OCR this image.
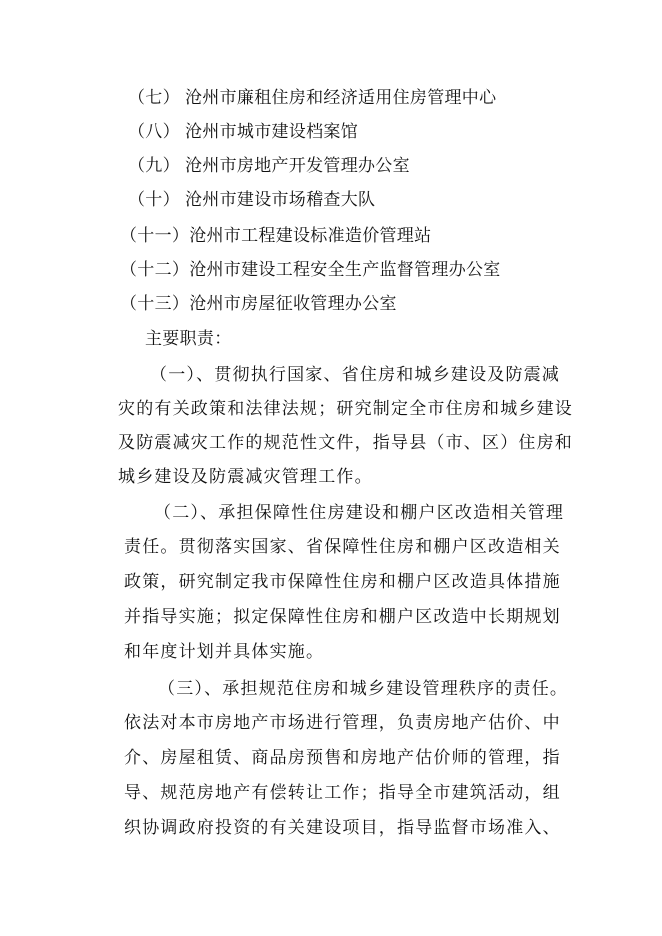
（七） 沧州市廉租住房和经济适用住房管理中心
（八） 沧州市城市建设档案馆
（九） 沧州市房地产开发管理办公室
（十） 沧州市建设市场稽查大队
（十一）沧州市工程建设标准造价管理站
（十二）沧州市建设工程安全生产监督管理办公室
（十三）沧州市房屋征收管理办公室
主要职责：
（一）、贯彻执行国家、省住房和城乡建设及防震减
灾的有关政策和法律法规；研究制定全市住房和城乡建设
及防震减灾工作的规范性文件，指导县（市、区）住房和
城乡建设及防震减灾管理工作。
（二）、承担保障性住房建设和棚户区改造相关管理
责任。贯彻落实国家、省保障性住房和棚户区改造相关
政策，研究制定我市保障性住房和棚户区改造具体措施
并指导实施；拟定保障性住房和棚户区改造中长期规划
和年度计划并具体实施。
（三）、承担规范住房和城乡建设管理秩序的责任。
依法对本市房地产市场进行管理，负责房地产估价、中
介、房屋租赁、商品房预售和房地产估价师的管理，指
导、规范房地产有偿转让工作；指导全市建筑活动，组
织协调政府投资的有关建设项目，指导监督市场准入、
